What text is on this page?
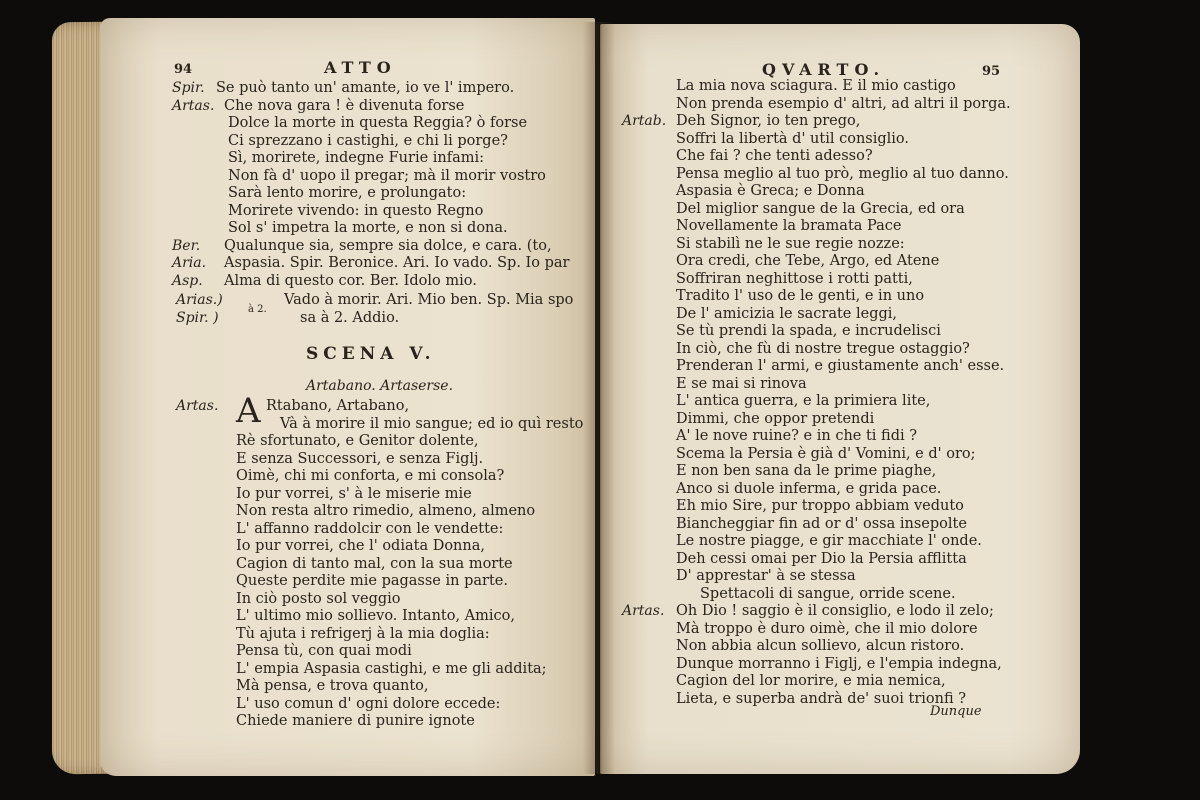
94	ATTO
Spir. Se può tanto un' amante, io ve l' impero.
Artas. Che nova gara ! è divenuta forse
Dolce la morte in questa Reggia? ò forse
Ci sprezzano i castighi, e chi li porge?
Sì, morirete, indegne Furie infami:
Non fà d' uopo il pregar; mà il morir vostro
Sarà lento morire, e prolungato:
Morirete vivendo: in questo Regno
Sol s' impetra la morte, e non si dona.
Ber. Qualunque sia, sempre sia dolce, e cara. (to,
Aria. Aspasia. Spir. Beronice. Ari. Io vado. Sp. Io par
Asp. Alma di questo cor. Ber. Idolo mio.
Arias.)
Spir. )
à 2.
Vado à morir. Ari. Mio ben. Sp. Mia spo
sa à 2. Addio.
SCENA V.
Artabano. Artaserse.
Artas. A Rtabano, Artabano,
Và à morire il mio sangue; ed io quì resto
Rè sfortunato, e Genitor dolente,
E senza Successori, e senza Figlj.
Oimè, chi mi conforta, e mi consola?
Io pur vorrei, s' à le miserie mie
Non resta altro rimedio, almeno, almeno
L' affanno raddolcir con le vendette:
Io pur vorrei, che l' odiata Donna,
Cagion di tanto mal, con la sua morte
Queste perdite mie pagasse in parte.
In ciò posto sol veggio
L' ultimo mio sollievo. Intanto, Amico,
Tù ajuta i refrigerj à la mia doglia:
Pensa tù, con quai modi
L' empia Aspasia castighi, e me gli addita;
Mà pensa, e trova quanto,
L' uso comun d' ogni dolore eccede:
Chiede maniere di punire ignote
QVARTO.	95
La mia nova sciagura. E il mio castigo
Non prenda esempio d' altri, ad altri il porga.
Artab. Deh Signor, io ten prego,
Soffri la libertà d' util consiglio.
Che fai ? che tenti adesso?
Pensa meglio al tuo prò, meglio al tuo danno.
Aspasia è Greca; e Donna
Del miglior sangue de la Grecia, ed ora
Novellamente la bramata Pace
Si stabilì ne le sue regie nozze:
Ora credi, che Tebe, Argo, ed Atene
Soffriran neghittose i rotti patti,
Tradito l' uso de le genti, e in uno
De l' amicizia le sacrate leggi,
Se tù prendi la spada, e incrudelisci
In ciò, che fù di nostre tregue ostaggio?
Prenderan l' armi, e giustamente anch' esse.
E se mai si rinova
L' antica guerra, e la primiera lite,
Dimmi, che oppor pretendi
A' le nove ruine? e in che ti fidi ?
Scema la Persia è già d' Vomini, e d' oro;
E non ben sana da le prime piaghe,
Anco si duole inferma, e grida pace.
Eh mio Sire, pur troppo abbiam veduto
Biancheggiar fin ad or d' ossa insepolte
Le nostre piagge, e gir macchiate l' onde.
Deh cessi omai per Dio la Persia afflitta
D' apprestar' à se stessa
Spettacoli di sangue, orride scene.
Artas. Oh Dio ! saggio è il consiglio, e lodo il zelo;
Mà troppo è duro oimè, che il mio dolore
Non abbia alcun sollievo, alcun ristoro.
Dunque morranno i Figlj, e l'empia indegna,
Cagion del lor morire, e mia nemica,
Lieta, e superba andrà de' suoi trionfi ?
Dunque
